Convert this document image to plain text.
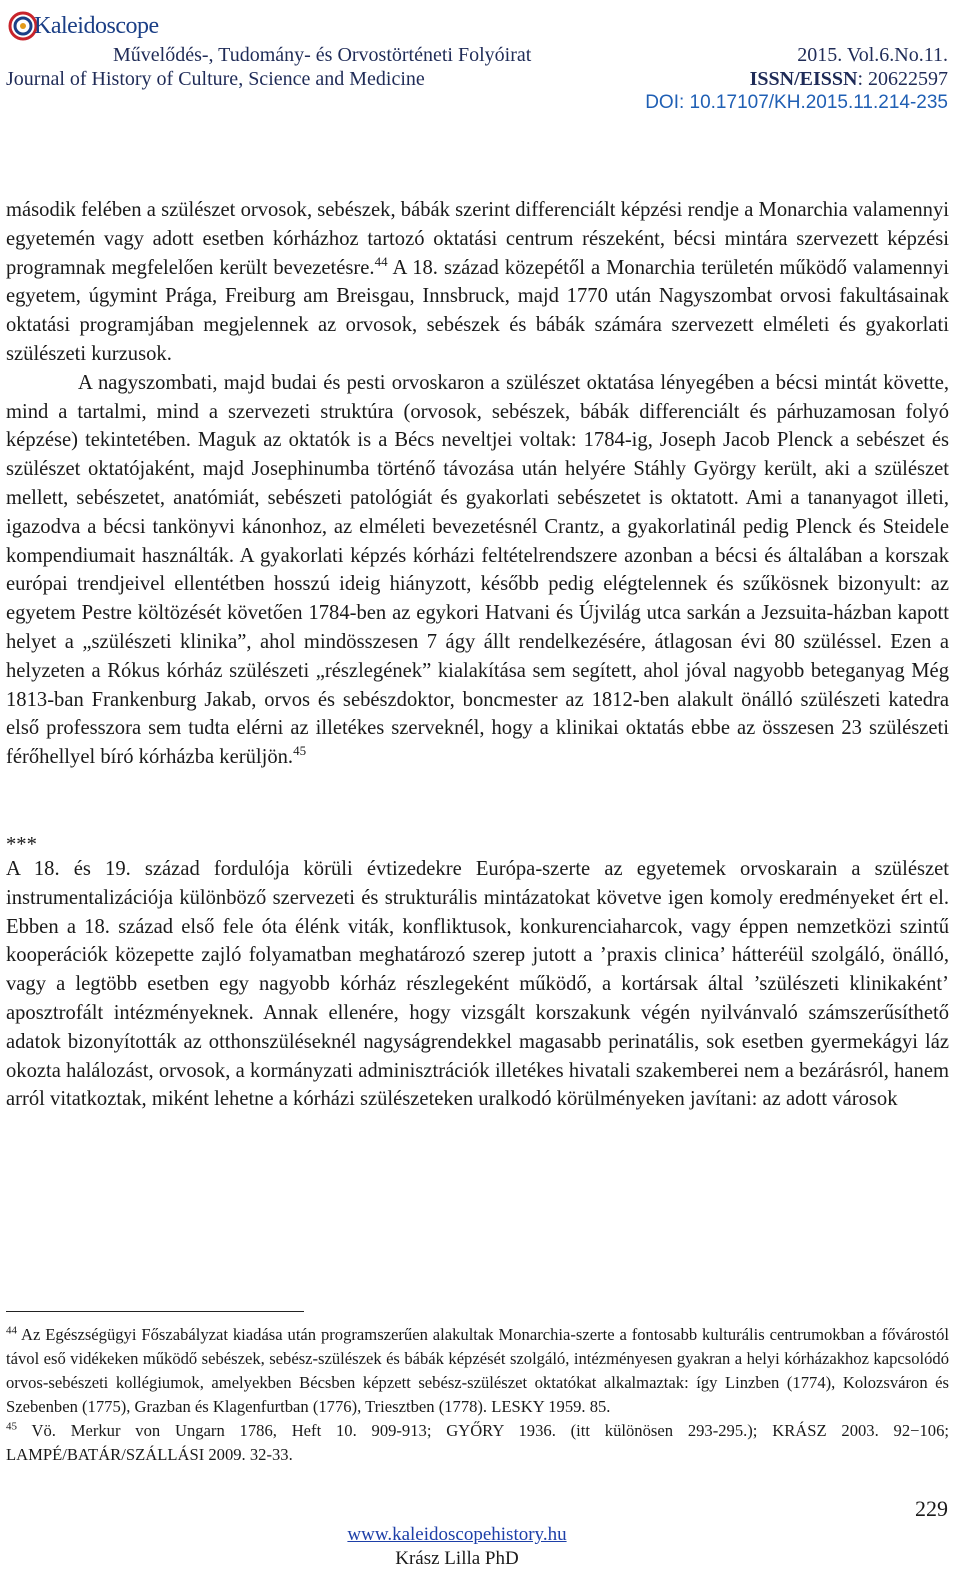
Kaleidoscope
Művelődés-, Tudomány- és Orvostörténeti Folyóirat
Journal of History of Culture, Science and Medicine
2015. Vol.6.No.11.
ISSN/EISSN: 20622597
DOI: 10.17107/KH.2015.11.214-235

második felében a szülészet orvosok, sebészek, bábák szerint differenciált képzési rendje a Monarchia valamennyi egyetemén vagy adott esetben kórházhoz tartozó oktatási centrum részeként, bécsi mintára szervezett képzési programnak megfelelően került bevezetésre.$^{44}$ A 18. század közepétől a Monarchia területén működő valamennyi egyetem, úgymint Prága, Freiburg am Breisgau, Innsbruck, majd 1770 után Nagyszombat orvosi fakultásainak oktatási programjában megjelennek az orvosok, sebészek és bábák számára szervezett elméleti és gyakorlati szülészeti kurzusok.

A nagyszombati, majd budai és pesti orvoskaron a szülészet oktatása lényegében a bécsi mintát követte, mind a tartalmi, mind a szervezeti struktúra (orvosok, sebészek, bábák differenciált és párhuzamosan folyó képzése) tekintetében. Maguk az oktatók is a Bécs neveltjei voltak: 1784-ig, Joseph Jacob Plenck a sebészet és szülészet oktatójaként, majd Josephinumba történő távozása után helyére Stáhly György került, aki a szülészet mellett, sebészetet, anatómiát, sebészeti patológiát és gyakorlati sebészetet is oktatott. Ami a tananyagot illeti, igazodva a bécsi tankönyvi kánonhoz, az elméleti bevezetésnél Crantz, a gyakorlatinál pedig Plenck és Steidele kompendiumait használták. A gyakorlati képzés kórházi feltételrendszere azonban a bécsi és általában a korszak európai trendjeivel ellentétben hosszú ideig hiányzott, később pedig elégtelennek és szűkösnek bizonyult: az egyetem Pestre költözését követően 1784-ben az egykori Hatvani és Újvilág utca sarkán a Jezsuita-házban kapott helyet a „szülészeti klinika”, ahol mindösszesen 7 ágy állt rendelkezésére, átlagosan évi 80 szüléssel. Ezen a helyzeten a Rókus kórház szülészeti „részlegének” kialakítása sem segített, ahol jóval nagyobb beteganyag Még 1813-ban Frankenburg Jakab, orvos és sebészdoktor, boncmester az 1812-ben alakult önálló szülészeti katedra első professzora sem tudta elérni az illetékes szerveknél, hogy a klinikai oktatás ebbe az összesen 23 szülészeti férőhellyel bíró kórházba kerüljön.$^{45}$

***

A 18. és 19. század fordulója körüli évtizedekre Európa-szerte az egyetemek orvoskarain a szülészet instrumentalizációja különböző szervezeti és strukturális mintázatokat követve igen komoly eredményeket ért el. Ebben a 18. század első fele óta élénk viták, konfliktusok, konkurenciaharcok, vagy éppen nemzetközi szintű kooperációk közepette zajló folyamatban meghatározó szerep jutott a ’praxis clinica’ hátteréül szolgáló, önálló, vagy a legtöbb esetben egy nagyobb kórház részlegeként működő, a kortársak által ’szülészeti klinikaként’ aposztrofált intézményeknek. Annak ellenére, hogy vizsgált korszakunk végén nyilvánvaló számszerűsíthető adatok bizonyították az otthonszüléseknél nagyságrendekkel magasabb perinatális, sok esetben gyermekágyi láz okozta halálozást, orvosok, a kormányzati adminisztrációk illetékes hivatali szakemberei nem a bezárásról, hanem arról vitatkoztak, miként lehetne a kórházi szülészeteken uralkodó körülményeken javítani: az adott városok

$^{44}$ Az Egészségügyi Főszabályzat kiadása után programszerűen alakultak Monarchia-szerte a fontosabb kulturális centrumokban a fővárostól távol eső vidékeken működő sebészek, sebész-szülészek és bábák képzését szolgáló, intézményesen gyakran a helyi kórházakhoz kapcsolódó orvos-sebészeti kollégiumok, amelyekben Bécsben képzett sebész-szülészet oktatókat alkalmaztak: így Linzben (1774), Kolozsváron és Szebenben (1775), Grazban és Klagenfurtban (1776), Triesztben (1778). LESKY 1959. 85.

$^{45}$ Vö. Merkur von Ungarn 1786, Heft 10. 909-913; GYŐRY 1936. (itt különösen 293-295.); KRÁSZ 2003. 92−106; LAMPÉ/BATÁR/SZÁLLÁSI 2009. 32-33.

229
www.kaleidoscopehistory.hu
Krász Lilla PhD
